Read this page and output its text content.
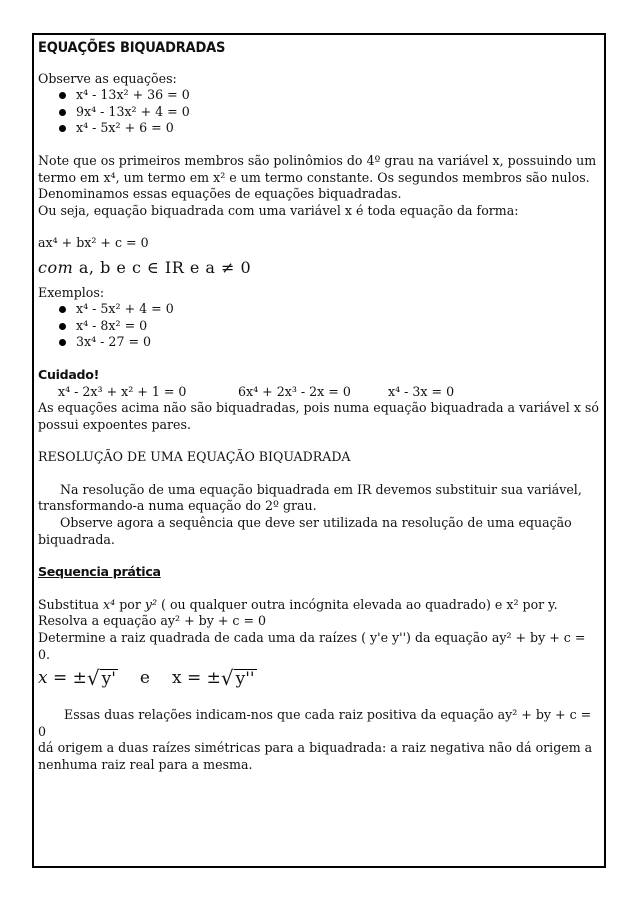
EQUAÇÕES BIQUADRADAS

Observe as equações:

x⁴ - 13x² + 36 = 0
9x⁴ - 13x² + 4 = 0
x⁴ - 5x² + 6 = 0

Note que os primeiros membros são polinômios do 4º grau na variável x, possuindo um

termo em x⁴, um termo em x² e um termo constante. Os segundos membros são nulos.

Denominamos essas equações de equações biquadradas.

Ou seja, equação biquadrada com uma variável x é toda equação da forma:

ax⁴ + bx² + c = 0

com a, b e c ∈ IR e a ≠ 0

Exemplos:

x⁴ - 5x² + 4 = 0
x⁴ - 8x² = 0
3x⁴ - 27 = 0

Cuidado!

x⁴ - 2x³ + x² + 1 = 0	6x⁴ + 2x³ - 2x = 0	x⁴ - 3x = 0

As equações acima não são biquadradas, pois numa equação biquadrada a variável x só

possui expoentes pares.

RESOLUÇÃO DE UMA EQUAÇÃO BIQUADRADA

Na resolução de uma equação biquadrada em IR devemos substituir sua variável,

transformando-a numa equação do 2º grau.

Observe agora a sequência que deve ser utilizada na resolução de uma equação

biquadrada.

Sequencia prática

Substitua x⁴ por y² ( ou qualquer outra incógnita elevada ao quadrado) e x² por y.

Resolva a equação ay² + by + c = 0

Determine a raiz quadrada de cada uma da raízes ( y'e y'') da equação ay² + by + c = 0.

x = ± √ y' e x = ± √ y''

Essas duas relações indicam-nos que cada raiz positiva da equação ay² + by + c = 0

dá origem a duas raízes simétricas para a biquadrada: a raiz negativa não dá origem a

nenhuma raiz real para a mesma.
